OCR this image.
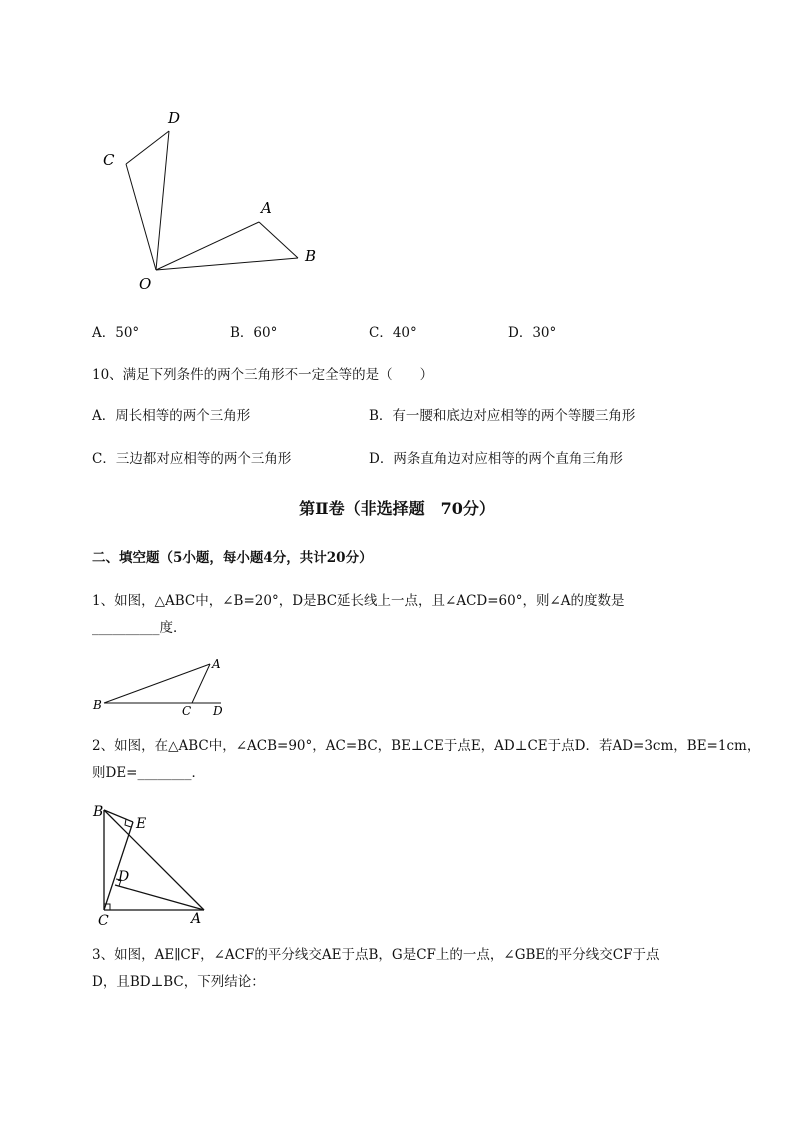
D
C
A
B
O
A．50°	B．60°	C．40°	D．30°
10、满足下列条件的两个三角形不一定全等的是（　　）
A．周长相等的两个三角形	B．有一腰和底边对应相等的两个等腰三角形
C．三边都对应相等的两个三角形	D．两条直角边对应相等的两个直角三角形
第Ⅱ卷（非选择题　70分）
二、填空题（5小题，每小题4分，共计20分）
1、如图，△ABC中，∠B=20°，D是BC延长线上一点，且∠ACD=60°，则∠A的度数是
__________度．
A
B	C D
2、如图，在△ABC中，∠ACB=90°，AC=BC，BE⊥CE于点E，AD⊥CE于点D．若AD=3cm，BE=1cm，
则DE=________．
B
E
D
C	A
3、如图，AE∥CF，∠ACF的平分线交AE于点B，G是CF上的一点，∠GBE的平分线交CF于点
D，且BD⊥BC，下列结论：
